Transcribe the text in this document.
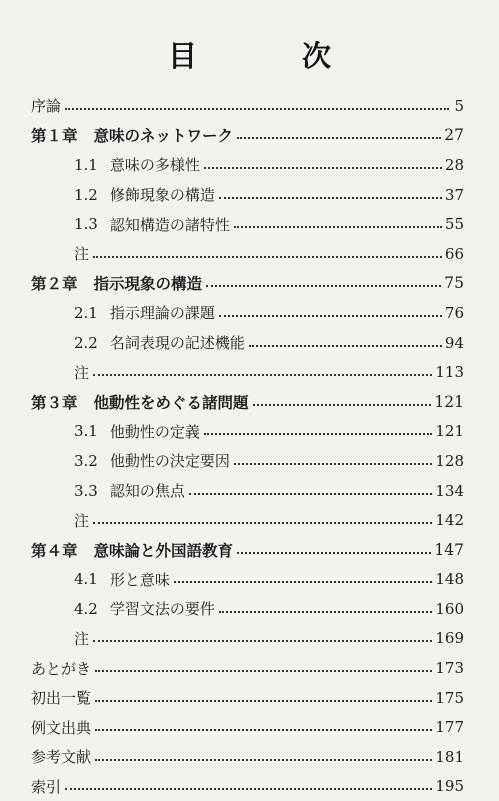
目　次
序論	5
第１章 意味のネットワーク	27
1.1 意味の多様性	28
1.2 修飾現象の構造	37
1.3 認知構造の諸特性	55
注	66
第２章 指示現象の構造	75
2.1 指示理論の課題	76
2.2 名詞表現の記述機能	94
注	113
第３章 他動性をめぐる諸問題	121
3.1 他動性の定義	121
3.2 他動性の決定要因	128
3.3 認知の焦点	134
注	142
第４章 意味論と外国語教育	147
4.1 形と意味	148
4.2 学習文法の要件	160
注	169
あとがき	173
初出一覧	175
例文出典	177
参考文献	181
索引	195
